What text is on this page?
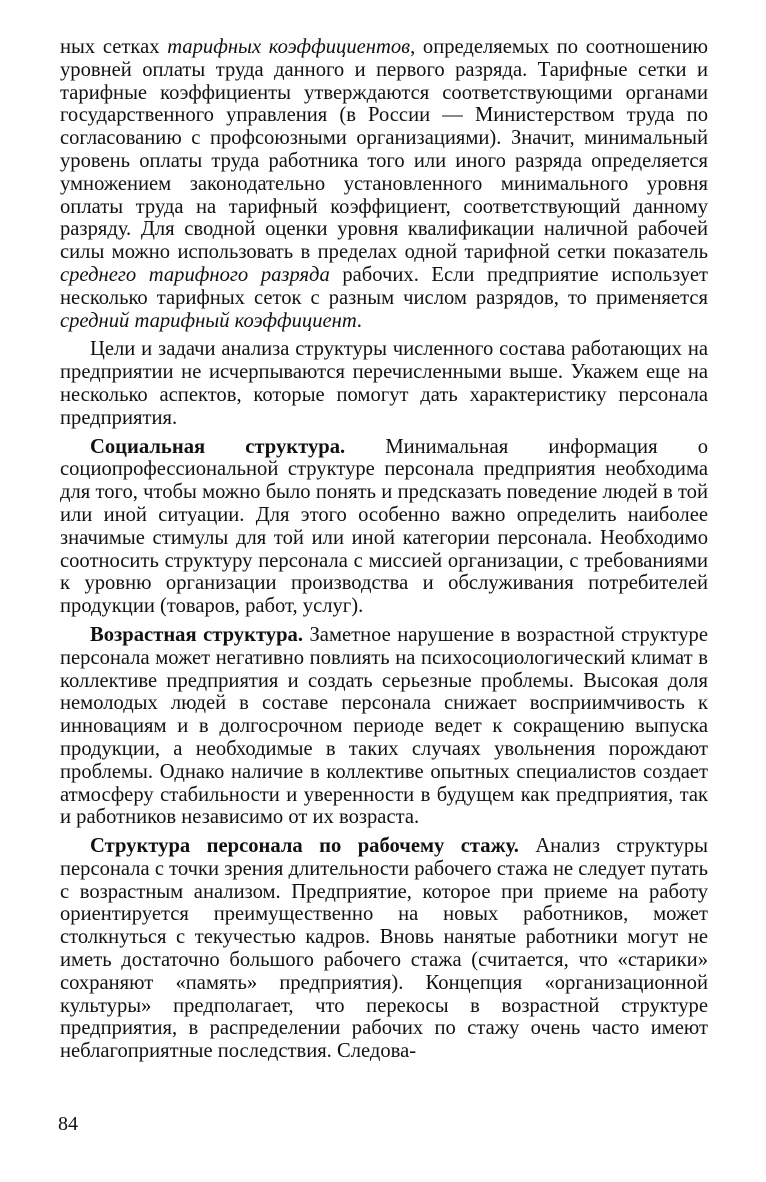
ных сетках тарифных коэффициентов, определяемых по соотношению уровней оплаты труда данного и первого разряда. Тарифные сетки и тарифные коэффициенты утверждаются соответствующими органами государственного управления (в России — Министерством труда по согласованию с профсоюзными организациями). Значит, минимальный уровень оплаты труда работника того или иного разряда определяется умножением законодательно установленного минимального уровня оплаты труда на тарифный коэффициент, соответствующий данному разряду. Для сводной оценки уровня квалификации наличной рабочей силы можно использовать в пределах одной тарифной сетки показатель среднего тарифного разряда рабочих. Если предприятие использует несколько тарифных сеток с разным числом разрядов, то применяется средний тарифный коэффициент.

Цели и задачи анализа структуры численного состава работающих на предприятии не исчерпываются перечисленными выше. Укажем еще на несколько аспектов, которые помогут дать характеристику персонала предприятия.

Социальная структура. Минимальная информация о социопрофессиональной структуре персонала предприятия необходима для того, чтобы можно было понять и предсказать поведение людей в той или иной ситуации. Для этого особенно важно определить наиболее значимые стимулы для той или иной категории персонала. Необходимо соотносить структуру персонала с миссией организации, с требованиями к уровню организации производства и обслуживания потребителей продукции (товаров, работ, услуг).

Возрастная структура. Заметное нарушение в возрастной структуре персонала может негативно повлиять на психосоциологический климат в коллективе предприятия и создать серьезные проблемы. Высокая доля немолодых людей в составе персонала снижает восприимчивость к инновациям и в долгосрочном периоде ведет к сокращению выпуска продукции, а необходимые в таких случаях увольнения порождают проблемы. Однако наличие в коллективе опытных специалистов создает атмосферу стабильности и уверенности в будущем как предприятия, так и работников независимо от их возраста.

Структура персонала по рабочему стажу. Анализ структуры персонала с точки зрения длительности рабочего стажа не следует путать с возрастным анализом. Предприятие, которое при приеме на работу ориентируется преимущественно на новых работников, может столкнуться с текучестью кадров. Вновь нанятые работники могут не иметь достаточно большого рабочего стажа (считается, что «старики» сохраняют «память» предприятия). Концепция «организационной культуры» предполагает, что перекосы в возрастной структуре предприятия, в распределении рабочих по стажу очень часто имеют неблагоприятные последствия. Следова-

84
